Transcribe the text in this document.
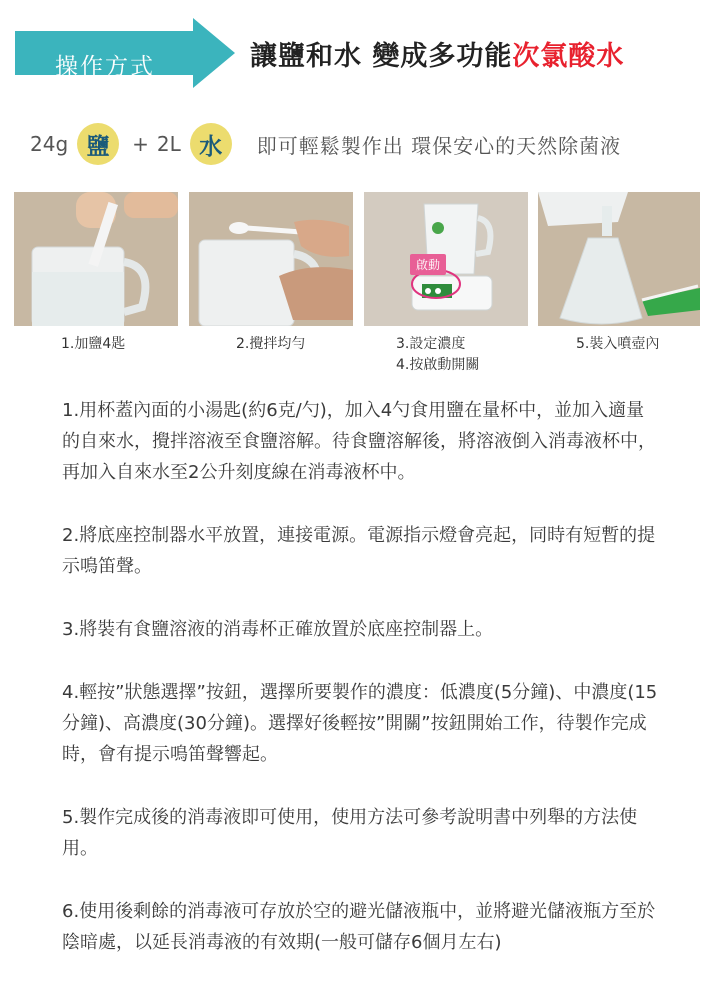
操作方式	讓鹽和水 變成多功能次氯酸水
24g 鹽	+ 2L 水	即可輕鬆製作出 環保安心的天然除菌液
啟動
1.加鹽4匙	2.攪拌均勻	3.設定濃度
4.按啟動開關
5.裝入噴壺內

1.用杯蓋內面的小湯匙(約6克/勺)，加入4勺食用鹽在量杯中，並加入適量的自來水，攪拌溶液至食鹽溶解。待食鹽溶解後，將溶液倒入消毒液杯中，再加入自來水至2公升刻度線在消毒液杯中。

2.將底座控制器水平放置，連接電源。電源指示燈會亮起，同時有短暫的提示鳴笛聲。

3.將裝有食鹽溶液的消毒杯正確放置於底座控制器上。

4.輕按”狀態選擇”按鈕，選擇所要製作的濃度：低濃度(5分鐘)、中濃度(15分鐘)、高濃度(30分鐘)。選擇好後輕按”開關”按鈕開始工作，待製作完成時，會有提示鳴笛聲響起。

5.製作完成後的消毒液即可使用，使用方法可參考說明書中列舉的方法使用。

6.使用後剩餘的消毒液可存放於空的避光儲液瓶中，並將避光儲液瓶方至於陰暗處，以延長消毒液的有效期(一般可儲存6個月左右)
